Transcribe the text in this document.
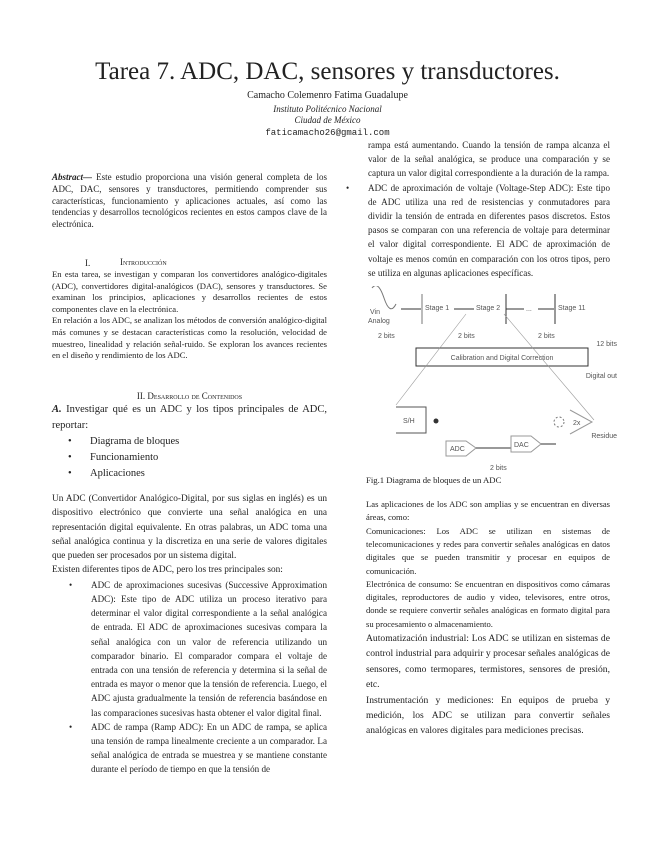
Tarea 7. ADC, DAC, sensores y transductores.
Camacho Colemenro Fatima Guadalupe
Instituto Politécnico Nacional
Ciudad de México
faticamacho26@gmail.com
Abstract— Este estudio proporciona una visión general completa de los ADC, DAC, sensores y transductores, permitiendo comprender sus características, funcionamiento y aplicaciones actuales, así como las tendencias y desarrollos tecnológicos recientes en estos campos clave de la electrónica.
I.	Introducción

En esta tarea, se investigan y comparan los convertidores analógico-digitales (ADC), convertidores digital-analógicos (DAC), sensores y transductores. Se examinan los principios, aplicaciones y desarrollos recientes de estos componentes clave en la electrónica.

En relación a los ADC, se analizan los métodos de conversión analógico-digital más comunes y se destacan características como la resolución, velocidad de muestreo, linealidad y relación señal-ruido. Se exploran los avances recientes en el diseño y rendimiento de los ADC.

II. Desarrollo de Contenidos
A. Investigar qué es un ADC y los tipos principales de ADC, reportar:
• Diagrama de bloques
• Funcionamiento
• Aplicaciones

Un ADC (Convertidor Analógico-Digital, por sus siglas en inglés) es un dispositivo electrónico que convierte una señal analógica en una representación digital equivalente. En otras palabras, un ADC toma una señal analógica continua y la discretiza en una serie de valores digitales que pueden ser procesados por un sistema digital.

Existen diferentes tipos de ADC, pero los tres principales son:

• ADC de aproximaciones sucesivas (Successive Approximation ADC): Este tipo de ADC utiliza un proceso iterativo para determinar el valor digital correspondiente a la señal analógica de entrada. El ADC de aproximaciones sucesivas compara la señal analógica con un valor de referencia utilizando un comparador binario. El comparador compara el voltaje de entrada con una tensión de referencia y determina si la señal de entrada es mayor o menor que la tensión de referencia. Luego, el ADC ajusta gradualmente la tensión de referencia basándose en las comparaciones sucesivas hasta obtener el valor digital final.
• ADC de rampa (Ramp ADC): En un ADC de rampa, se aplica una tensión de rampa linealmente creciente a un comparador. La señal analógica de entrada se muestrea y se mantiene constante durante el período de tiempo en que la tensión de
rampa está aumentando. Cuando la tensión de rampa alcanza el valor de la señal analógica, se produce una comparación y se captura un valor digital correspondiente a la duración de la rampa.
• ADC de aproximación de voltaje (Voltage-Step ADC): Este tipo de ADC utiliza una red de resistencias y conmutadores para dividir la tensión de entrada en diferentes pasos discretos. Estos pasos se comparan con una referencia de voltaje para determinar el valor digital correspondiente. El ADC de aproximación de voltaje es menos común en comparación con los otros tipos, pero se utiliza en algunas aplicaciones específicas.
Vin
Analog
Stage 1	Stage 2	...	Stage 11
2 bits	2 bits	2 bits
Calibration and Digital Correction
12 bits
Digital out
S/H	2x
Residue
ADC
DAC
2 bits
Fig.1 Diagrama de bloques de un ADC

Las aplicaciones de los ADC son amplias y se encuentran en diversas áreas, como:

Comunicaciones: Los ADC se utilizan en sistemas de telecomunicaciones y redes para convertir señales analógicas en datos digitales que se pueden transmitir y procesar en equipos de comunicación.

Electrónica de consumo: Se encuentran en dispositivos como cámaras digitales, reproductores de audio y video, televisores, entre otros, donde se requiere convertir señales analógicas en formato digital para su procesamiento o almacenamiento.

Automatización industrial: Los ADC se utilizan en sistemas de control industrial para adquirir y procesar señales analógicas de sensores, como termopares, termistores, sensores de presión, etc.

Instrumentación y mediciones: En equipos de prueba y medición, los ADC se utilizan para convertir señales analógicas en valores digitales para mediciones precisas.
